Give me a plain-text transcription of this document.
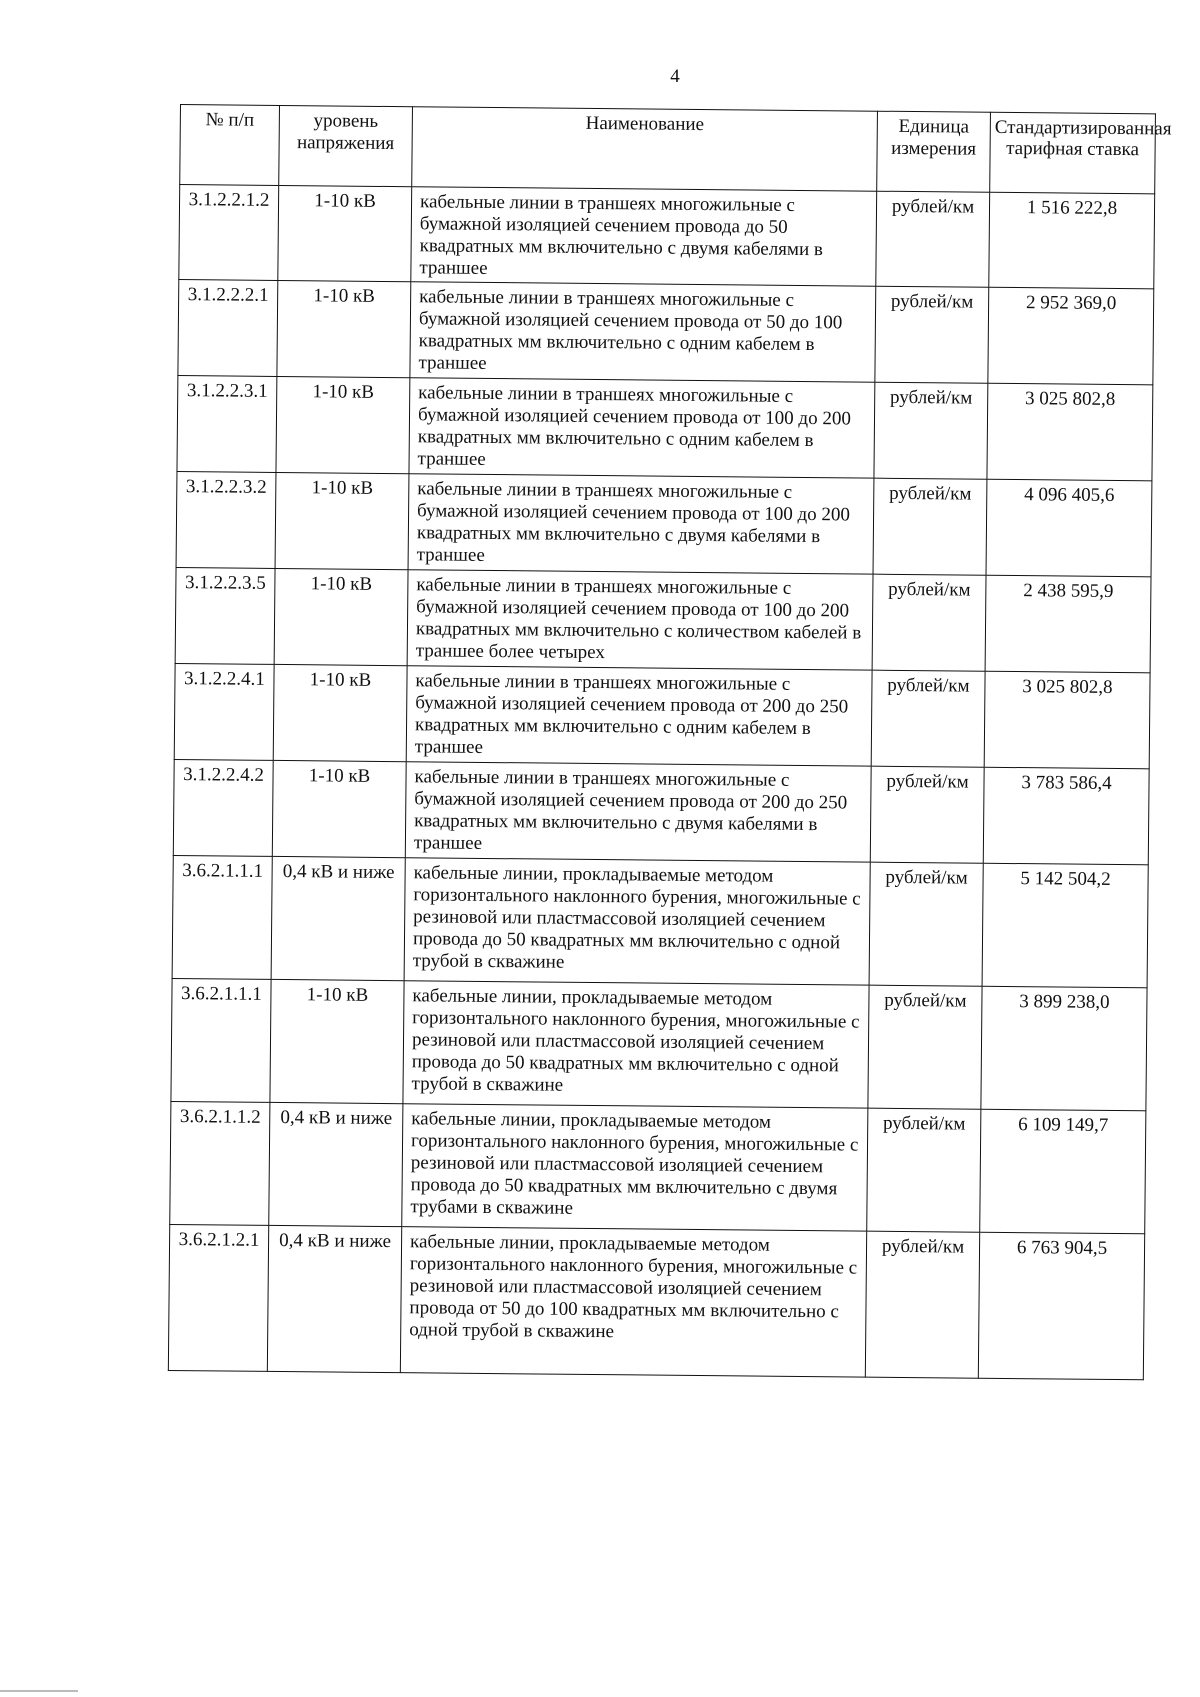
4
№ п/п	уровень напряжения	Наименование	Единица измерения	Стандартизированная тарифная ставка
3.1.2.2.1.2	1-10 кВ	кабельные линии в траншеях многожильные с бумажной изоляцией сечением провода до 50 квадратных мм включительно с двумя кабелями в траншее	рублей/км	1 516 222,8
3.1.2.2.2.1	1-10 кВ	кабельные линии в траншеях многожильные с бумажной изоляцией сечением провода от 50 до 100 квадратных мм включительно с одним кабелем в траншее	рублей/км	2 952 369,0
3.1.2.2.3.1	1-10 кВ	кабельные линии в траншеях многожильные с бумажной изоляцией сечением провода от 100 до 200 квадратных мм включительно с одним кабелем в траншее	рублей/км	3 025 802,8
3.1.2.2.3.2	1-10 кВ	кабельные линии в траншеях многожильные с бумажной изоляцией сечением провода от 100 до 200 квадратных мм включительно с двумя кабелями в траншее	рублей/км	4 096 405,6
3.1.2.2.3.5	1-10 кВ	кабельные линии в траншеях многожильные с бумажной изоляцией сечением провода от 100 до 200 квадратных мм включительно с количеством кабелей в траншее более четырех	рублей/км	2 438 595,9
3.1.2.2.4.1	1-10 кВ	кабельные линии в траншеях многожильные с бумажной изоляцией сечением провода от 200 до 250 квадратных мм включительно с одним кабелем в траншее	рублей/км	3 025 802,8
3.1.2.2.4.2	1-10 кВ	кабельные линии в траншеях многожильные с бумажной изоляцией сечением провода от 200 до 250 квадратных мм включительно с двумя кабелями в траншее	рублей/км	3 783 586,4
3.6.2.1.1.1	0,4 кВ и ниже	кабельные линии, прокладываемые методом горизонтального наклонного бурения, многожильные с резиновой или пластмассовой изоляцией сечением провода до 50 квадратных мм включительно с одной трубой в скважине	рублей/км	5 142 504,2
3.6.2.1.1.1	1-10 кВ	кабельные линии, прокладываемые методом горизонтального наклонного бурения, многожильные с резиновой или пластмассовой изоляцией сечением провода до 50 квадратных мм включительно с одной трубой в скважине	рублей/км	3 899 238,0
3.6.2.1.1.2	0,4 кВ и ниже	кабельные линии, прокладываемые методом горизонтального наклонного бурения, многожильные с резиновой или пластмассовой изоляцией сечением провода до 50 квадратных мм включительно с двумя трубами в скважине	рублей/км	6 109 149,7
3.6.2.1.2.1	0,4 кВ и ниже	кабельные линии, прокладываемые методом горизонтального наклонного бурения, многожильные с резиновой или пластмассовой изоляцией сечением провода от 50 до 100 квадратных мм включительно с одной трубой в скважине	рублей/км	6 763 904,5
